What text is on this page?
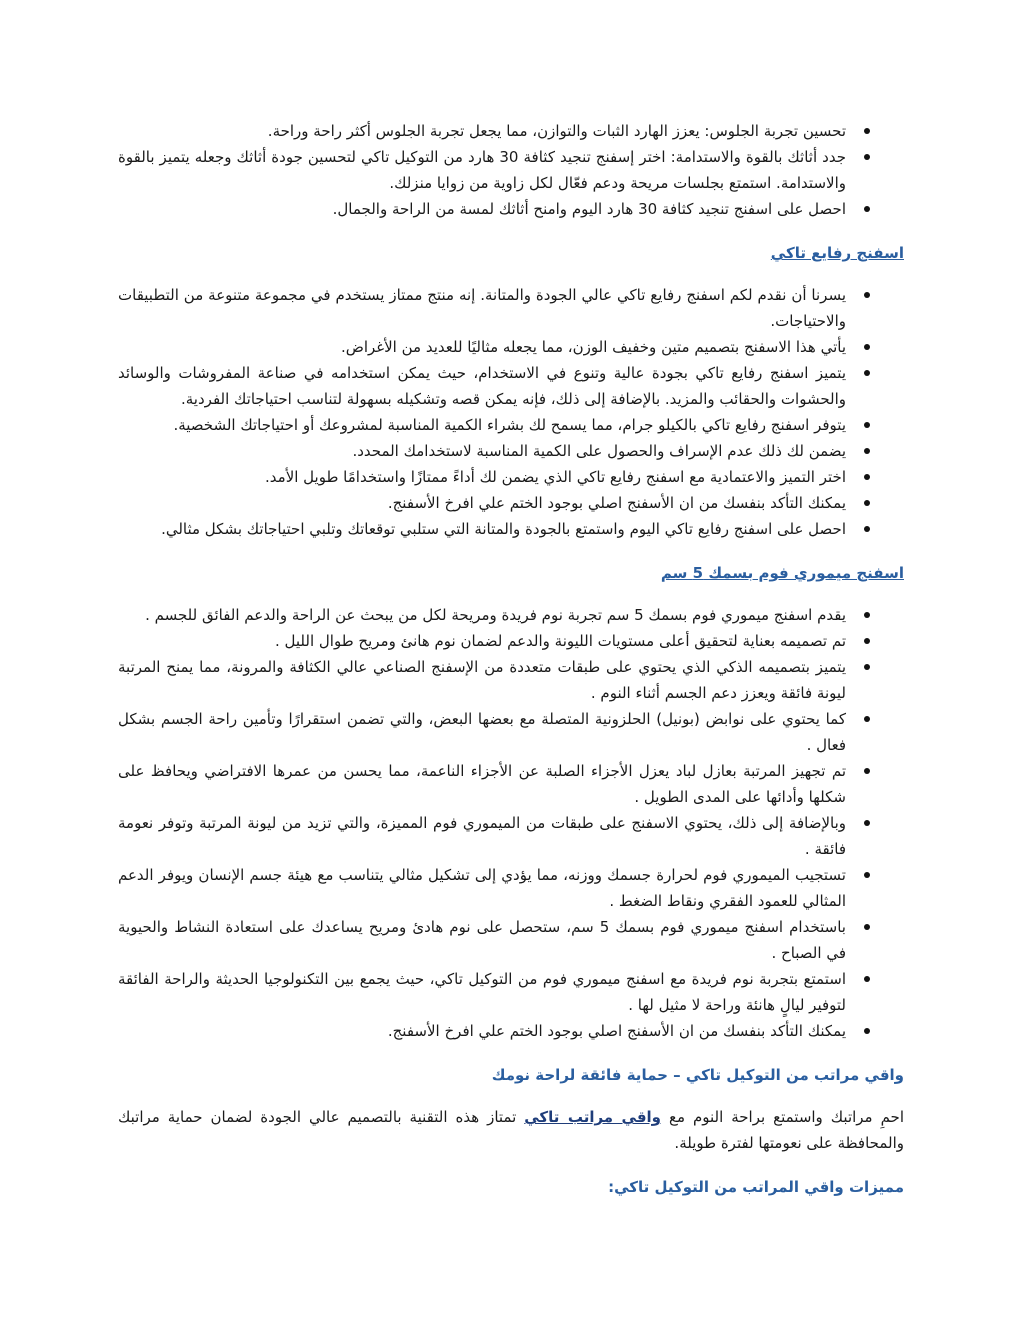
تحسين تجربة الجلوس: يعزز الهارد الثبات والتوازن، مما يجعل تجربة الجلوس أكثر راحة وراحة.
جدد أثاثك بالقوة والاستدامة: اختر إسفنج تنجيد كثافة 30 هارد من التوكيل تاكي لتحسين جودة أثاثك وجعله يتميز بالقوة والاستدامة. استمتع بجلسات مريحة ودعم فعّال لكل زاوية من زوايا منزلك.
احصل على اسفنج تنجيد كثافة 30 هارد اليوم وامنح أثاثك لمسة من الراحة والجمال.
اسفنج رفايع تاكي
يسرنا أن نقدم لكم اسفنج رفايع تاكي عالي الجودة والمتانة. إنه منتج ممتاز يستخدم في مجموعة متنوعة من التطبيقات والاحتياجات.
يأتي هذا الاسفنج بتصميم متين وخفيف الوزن، مما يجعله مثاليًا للعديد من الأغراض.
يتميز اسفنج رفايع تاكي بجودة عالية وتنوع في الاستخدام، حيث يمكن استخدامه في صناعة المفروشات والوسائد والحشوات والحقائب والمزيد. بالإضافة إلى ذلك، فإنه يمكن قصه وتشكيله بسهولة لتناسب احتياجاتك الفردية.
يتوفر اسفنج رفايع تاكي بالكيلو جرام، مما يسمح لك بشراء الكمية المناسبة لمشروعك أو احتياجاتك الشخصية.
يضمن لك ذلك عدم الإسراف والحصول على الكمية المناسبة لاستخدامك المحدد.
اختر التميز والاعتمادية مع اسفنج رفايع تاكي الذي يضمن لك أداءً ممتازًا واستخدامًا طويل الأمد.
يمكنك التأكد بنفسك من ان الأسفنج اصلي بوجود الختم علي افرخ الأسفنج.
احصل على اسفنج رفايع تاكي اليوم واستمتع بالجودة والمتانة التي ستلبي توقعاتك وتلبي احتياجاتك بشكل مثالي.
اسفنج ميموري فوم بسمك 5 سم
يقدم اسفنج ميموري فوم بسمك 5 سم تجربة نوم فريدة ومريحة لكل من يبحث عن الراحة والدعم الفائق للجسم .
تم تصميمه بعناية لتحقيق أعلى مستويات الليونة والدعم لضمان نوم هانئ ومريح طوال الليل .
يتميز بتصميمه الذكي الذي يحتوي على طبقات متعددة من الإسفنج الصناعي عالي الكثافة والمرونة، مما يمنح المرتبة ليونة فائقة ويعزز دعم الجسم أثناء النوم .
كما يحتوي على نوابض (بونيل) الحلزونية المتصلة مع بعضها البعض، والتي تضمن استقرارًا وتأمين راحة الجسم بشكل فعال .
تم تجهيز المرتبة بعازل لباد يعزل الأجزاء الصلبة عن الأجزاء الناعمة، مما يحسن من عمرها الافتراضي ويحافظ على شكلها وأدائها على المدى الطويل .
وبالإضافة إلى ذلك، يحتوي الاسفنج على طبقات من الميموري فوم المميزة، والتي تزيد من ليونة المرتبة وتوفر نعومة فائقة .
تستجيب الميموري فوم لحرارة جسمك ووزنه، مما يؤدي إلى تشكيل مثالي يتناسب مع هيئة جسم الإنسان ويوفر الدعم المثالي للعمود الفقري ونقاط الضغط .
باستخدام اسفنج ميموري فوم بسمك 5 سم، ستحصل على نوم هادئ ومريح يساعدك على استعادة النشاط والحيوية في الصباح .
استمتع بتجربة نوم فريدة مع اسفنج ميموري فوم من التوكيل تاكي، حيث يجمع بين التكنولوجيا الحديثة والراحة الفائقة لتوفير ليالٍ هانئة وراحة لا مثيل لها .
يمكنك التأكد بنفسك من ان الأسفنج اصلي بوجود الختم علي افرخ الأسفنج.
واقي مراتب من التوكيل تاكي – حماية فائقة لراحة نومك

احمِ مراتبك واستمتع براحة النوم مع واقي مراتب تاكي تمتاز هذه التقنية بالتصميم عالي الجودة لضمان حماية مراتبك والمحافظة على نعومتها لفترة طويلة.

مميزات واقي المراتب من التوكيل تاكي:
